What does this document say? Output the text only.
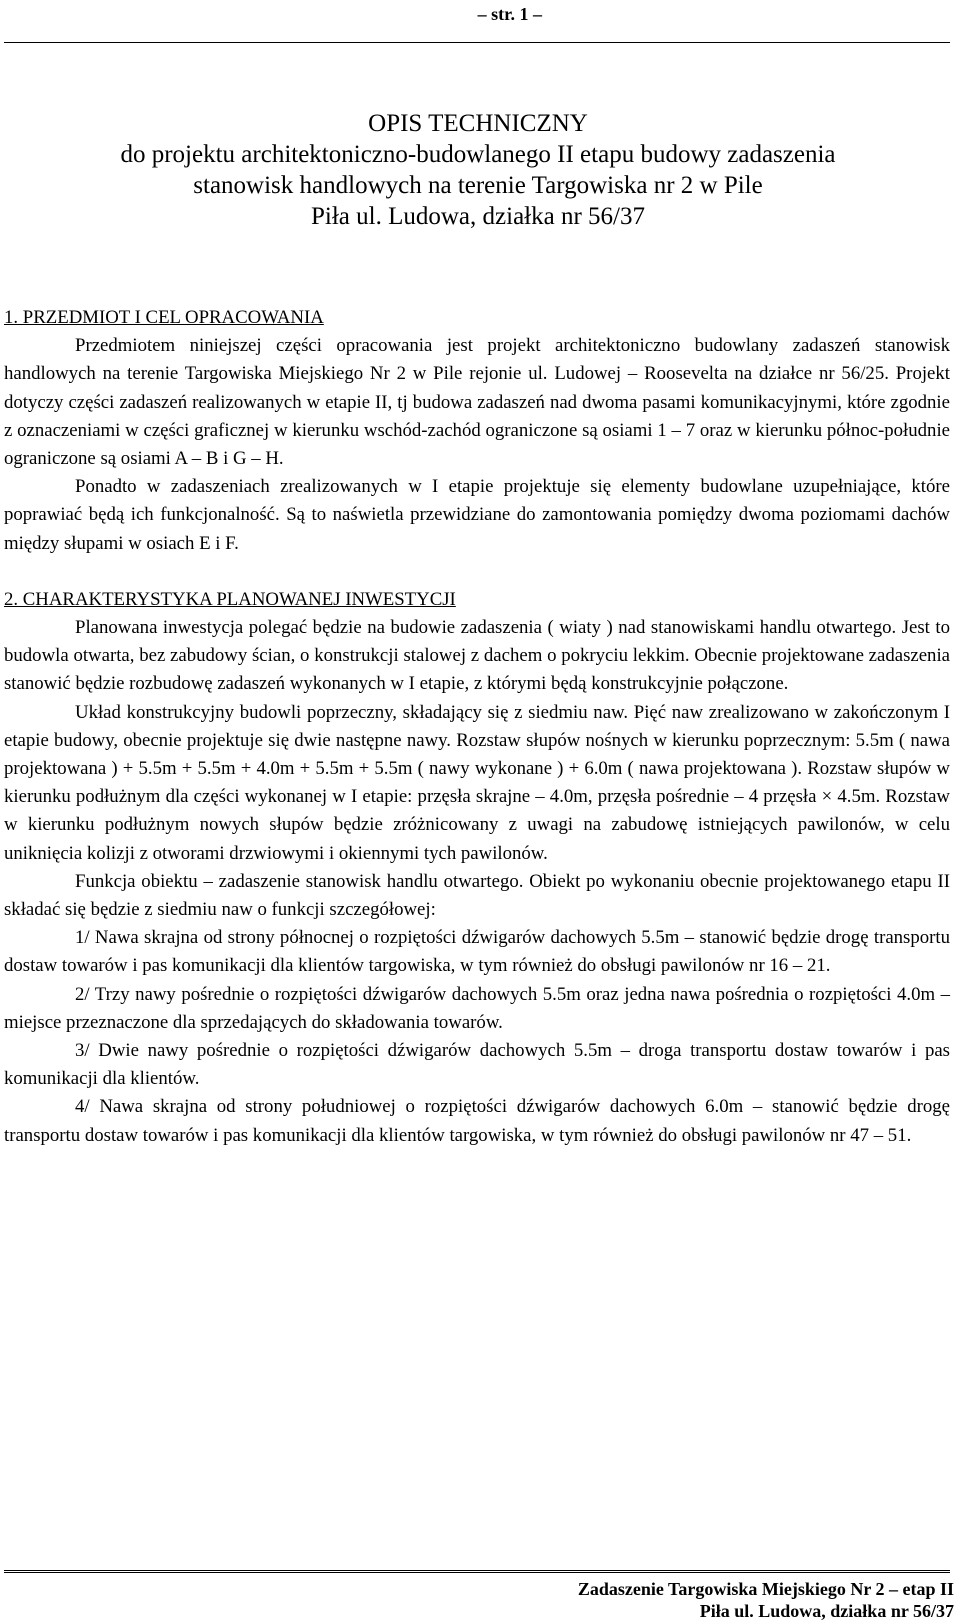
– str. 1 –
OPIS TECHNICZNY
do projektu architektoniczno-budowlanego II etapu budowy zadaszenia
stanowisk handlowych na terenie Targowiska nr 2 w Pile
Piła ul. Ludowa, działka nr 56/37

1. PRZEDMIOT I CEL OPRACOWANIA

Przedmiotem niniejszej części opracowania jest projekt architektoniczno budowlany zadaszeń stanowisk handlowych na terenie Targowiska Miejskiego Nr 2 w Pile rejonie ul. Ludowej – Roosevelta na działce nr 56/25. Projekt dotyczy części zadaszeń realizowanych w etapie II, tj budowa zadaszeń nad dwoma pasami komunikacyjnymi, które zgodnie z oznaczeniami w części graficznej w kierunku wschód-zachód ograniczone są osiami 1 – 7 oraz w kierunku północ-południe ograniczone są osiami A – B i G – H.

Ponadto w zadaszeniach zrealizowanych w I etapie projektuje się elementy budowlane uzupełniające, które poprawiać będą ich funkcjonalność. Są to naświetla przewidziane do zamontowania pomiędzy dwoma poziomami dachów między słupami w osiach E i F.

2. CHARAKTERYSTYKA PLANOWANEJ INWESTYCJI

Planowana inwestycja polegać będzie na budowie zadaszenia ( wiaty ) nad stanowiskami handlu otwartego. Jest to budowla otwarta, bez zabudowy ścian, o konstrukcji stalowej z dachem o pokryciu lekkim. Obecnie projektowane zadaszenia stanowić będzie rozbudowę zadaszeń wykonanych w I etapie, z którymi będą konstrukcyjnie połączone.

Układ konstrukcyjny budowli poprzeczny, składający się z siedmiu naw. Pięć naw zrealizowano w zakończonym I etapie budowy, obecnie projektuje się dwie następne nawy. Rozstaw słupów nośnych w kierunku poprzecznym: 5.5m ( nawa projektowana ) + 5.5m + 5.5m + 4.0m + 5.5m + 5.5m ( nawy wykonane ) + 6.0m ( nawa projektowana ). Rozstaw słupów w kierunku podłużnym dla części wykonanej w I etapie: przęsła skrajne – 4.0m, przęsła pośrednie – 4 przęsła × 4.5m. Rozstaw w kierunku podłużnym nowych słupów będzie zróżnicowany z uwagi na zabudowę istniejących pawilonów, w celu uniknięcia kolizji z otworami drzwiowymi i okiennymi tych pawilonów.

Funkcja obiektu – zadaszenie stanowisk handlu otwartego. Obiekt po wykonaniu obecnie projektowanego etapu II składać się będzie z siedmiu naw o funkcji szczegółowej:

1/ Nawa skrajna od strony północnej o rozpiętości dźwigarów dachowych 5.5m – stanowić będzie drogę transportu dostaw towarów i pas komunikacji dla klientów targowiska, w tym również do obsługi pawilonów nr 16 – 21.

2/ Trzy nawy pośrednie o rozpiętości dźwigarów dachowych 5.5m oraz jedna nawa pośrednia o rozpiętości 4.0m – miejsce przeznaczone dla sprzedających do składowania towarów.

3/ Dwie nawy pośrednie o rozpiętości dźwigarów dachowych 5.5m – droga transportu dostaw towarów i pas komunikacji dla klientów.

4/ Nawa skrajna od strony południowej o rozpiętości dźwigarów dachowych 6.0m – stanowić będzie drogę transportu dostaw towarów i pas komunikacji dla klientów targowiska, w tym również do obsługi pawilonów nr 47 – 51.

Zadaszenie Targowiska Miejskiego Nr 2 – etap II
Piła ul. Ludowa, działka nr 56/37
